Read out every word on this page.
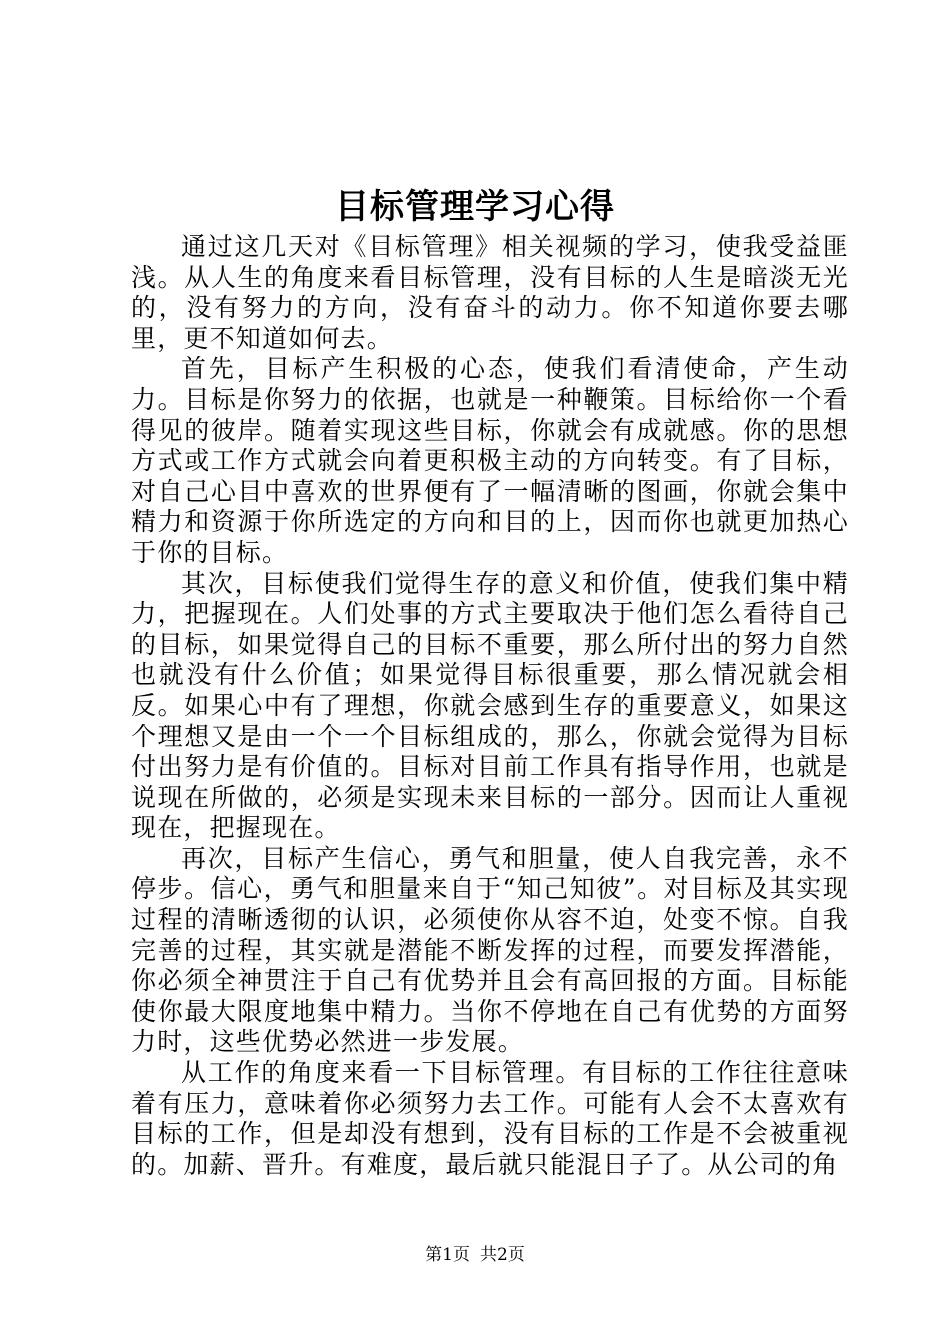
目标管理学习心得

通过这几天对《目标管理》相关视频的学习，使我受益匪浅。从人生的角度来看目标管理，没有目标的人生是暗淡无光的，没有努力的方向，没有奋斗的动力。你不知道你要去哪里，更不知道如何去。

首先，目标产生积极的心态，使我们看清使命，产生动力。目标是你努力的依据，也就是一种鞭策。目标给你一个看得见的彼岸。随着实现这些目标，你就会有成就感。你的思想方式或工作方式就会向着更积极主动的方向转变。有了目标，对自己心目中喜欢的世界便有了一幅清晰的图画，你就会集中精力和资源于你所选定的方向和目的上，因而你也就更加热心于你的目标。

其次，目标使我们觉得生存的意义和价值，使我们集中精力，把握现在。人们处事的方式主要取决于他们怎么看待自己的目标，如果觉得自己的目标不重要，那么所付出的努力自然也就没有什么价值；如果觉得目标很重要，那么情况就会相反。如果心中有了理想，你就会感到生存的重要意义，如果这个理想又是由一个一个目标组成的，那么，你就会觉得为目标付出努力是有价值的。目标对目前工作具有指导作用，也就是说现在所做的，必须是实现未来目标的一部分。因而让人重视现在，把握现在。

再次，目标产生信心，勇气和胆量，使人自我完善，永不停步。信心，勇气和胆量来自于“知己知彼”。对目标及其实现过程的清晰透彻的认识，必须使你从容不迫，处变不惊。自我完善的过程，其实就是潜能不断发挥的过程，而要发挥潜能，你必须全神贯注于自己有优势并且会有高回报的方面。目标能使你最大限度地集中精力。当你不停地在自己有优势的方面努力时，这些优势必然进一步发展。

从工作的角度来看一下目标管理。有目标的工作往往意味着有压力，意味着你必须努力去工作。可能有人会不太喜欢有目标的工作，但是却没有想到，没有目标的工作是不会被重视的。加薪、晋升。有难度，最后就只能混日子了。从公司的角

第1页 共2页
